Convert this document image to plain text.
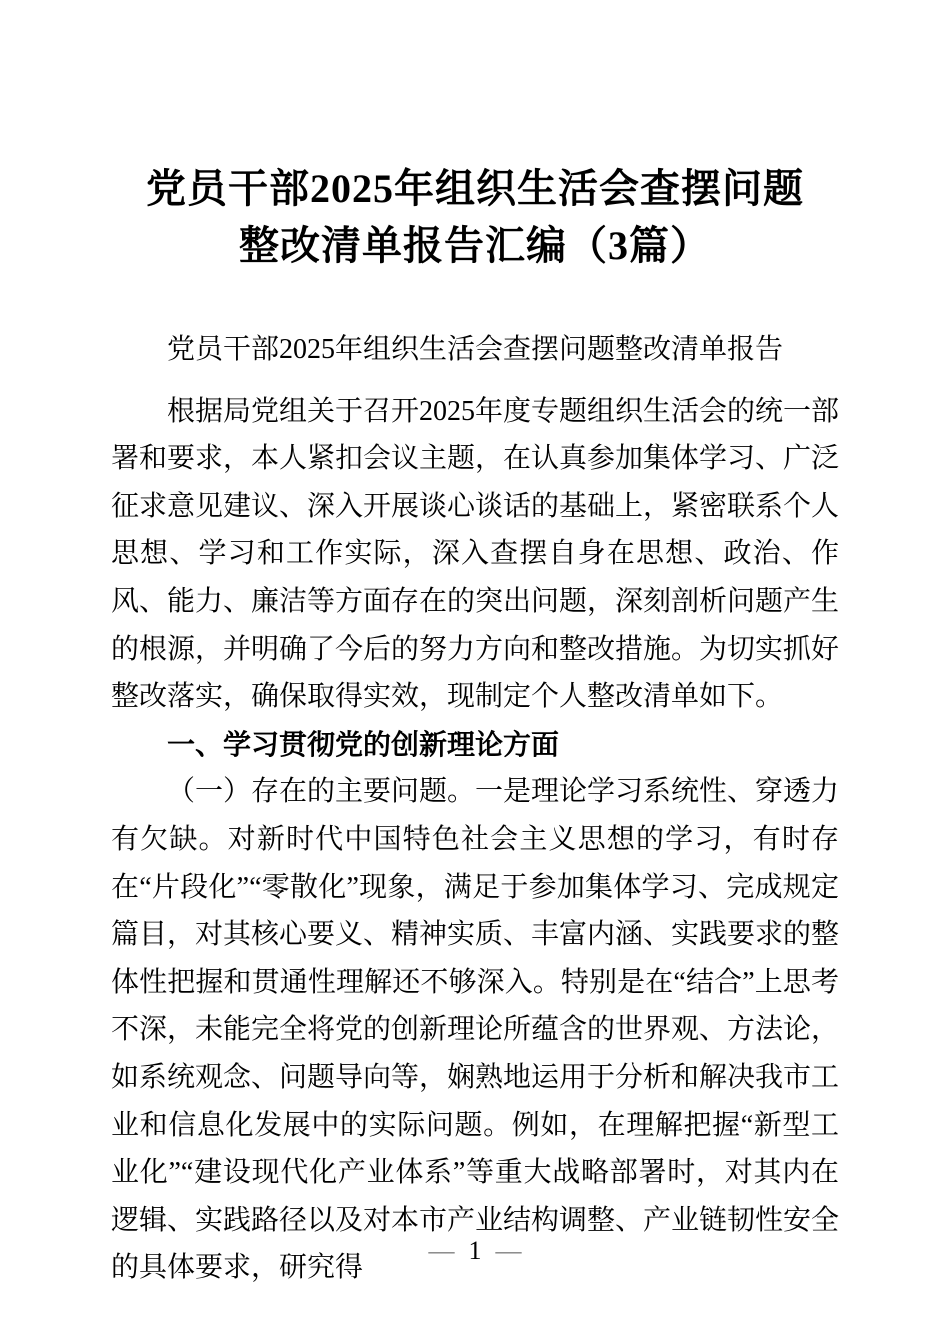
党员干部2025年组织生活会查摆问题
整改清单报告汇编（3篇）

党员干部2025年组织生活会查摆问题整改清单报告

根据局党组关于召开2025年度专题组织生活会的统一部署和要求，本人紧扣会议主题，在认真参加集体学习、广泛征求意见建议、深入开展谈心谈话的基础上，紧密联系个人思想、学习和工作实际，深入查摆自身在思想、政治、作风、能力、廉洁等方面存在的突出问题，深刻剖析问题产生的根源，并明确了今后的努力方向和整改措施。为切实抓好整改落实，确保取得实效，现制定个人整改清单如下。

一、学习贯彻党的创新理论方面

（一）存在的主要问题。一是理论学习系统性、穿透力有欠缺。对新时代中国特色社会主义思想的学习，有时存在“片段化”“零散化”现象，满足于参加集体学习、完成规定篇目，对其核心要义、精神实质、丰富内涵、实践要求的整体性把握和贯通性理解还不够深入。特别是在“结合”上思考不深，未能完全将党的创新理论所蕴含的世界观、方法论，如系统观念、问题导向等，娴熟地运用于分析和解决我市工业和信息化发展中的实际问题。例如，在理解把握“新型工业化”“建设现代化产业体系”等重大战略部署时，对其内在逻辑、实践路径以及对本市产业结构调整、产业链韧性安全的具体要求，研究得

— 1 —
